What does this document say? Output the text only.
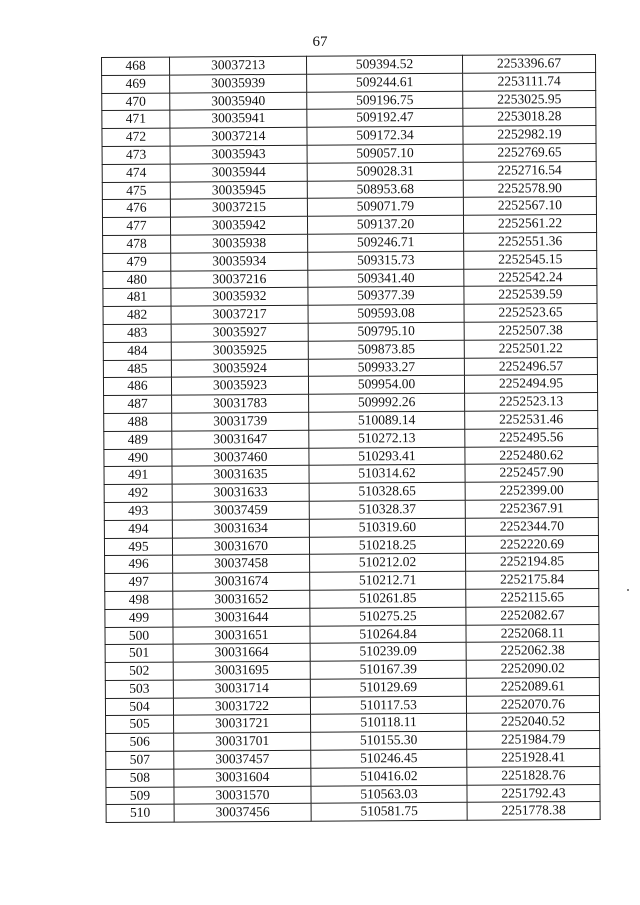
67
468	30037213	509394.52	2253396.67
469	30035939	509244.61	2253111.74
470	30035940	509196.75	2253025.95
471	30035941	509192.47	2253018.28
472	30037214	509172.34	2252982.19
473	30035943	509057.10	2252769.65
474	30035944	509028.31	2252716.54
475	30035945	508953.68	2252578.90
476	30037215	509071.79	2252567.10
477	30035942	509137.20	2252561.22
478	30035938	509246.71	2252551.36
479	30035934	509315.73	2252545.15
480	30037216	509341.40	2252542.24
481	30035932	509377.39	2252539.59
482	30037217	509593.08	2252523.65
483	30035927	509795.10	2252507.38
484	30035925	509873.85	2252501.22
485	30035924	509933.27	2252496.57
486	30035923	509954.00	2252494.95
487	30031783	509992.26	2252523.13
488	30031739	510089.14	2252531.46
489	30031647	510272.13	2252495.56
490	30037460	510293.41	2252480.62
491	30031635	510314.62	2252457.90
492	30031633	510328.65	2252399.00
493	30037459	510328.37	2252367.91
494	30031634	510319.60	2252344.70
495	30031670	510218.25	2252220.69
496	30037458	510212.02	2252194.85
497	30031674	510212.71	2252175.84
498	30031652	510261.85	2252115.65
499	30031644	510275.25	2252082.67
500	30031651	510264.84	2252068.11
501	30031664	510239.09	2252062.38
502	30031695	510167.39	2252090.02
503	30031714	510129.69	2252089.61
504	30031722	510117.53	2252070.76
505	30031721	510118.11	2252040.52
506	30031701	510155.30	2251984.79
507	30037457	510246.45	2251928.41
508	30031604	510416.02	2251828.76
509	30031570	510563.03	2251792.43
510	30037456	510581.75	2251778.38
